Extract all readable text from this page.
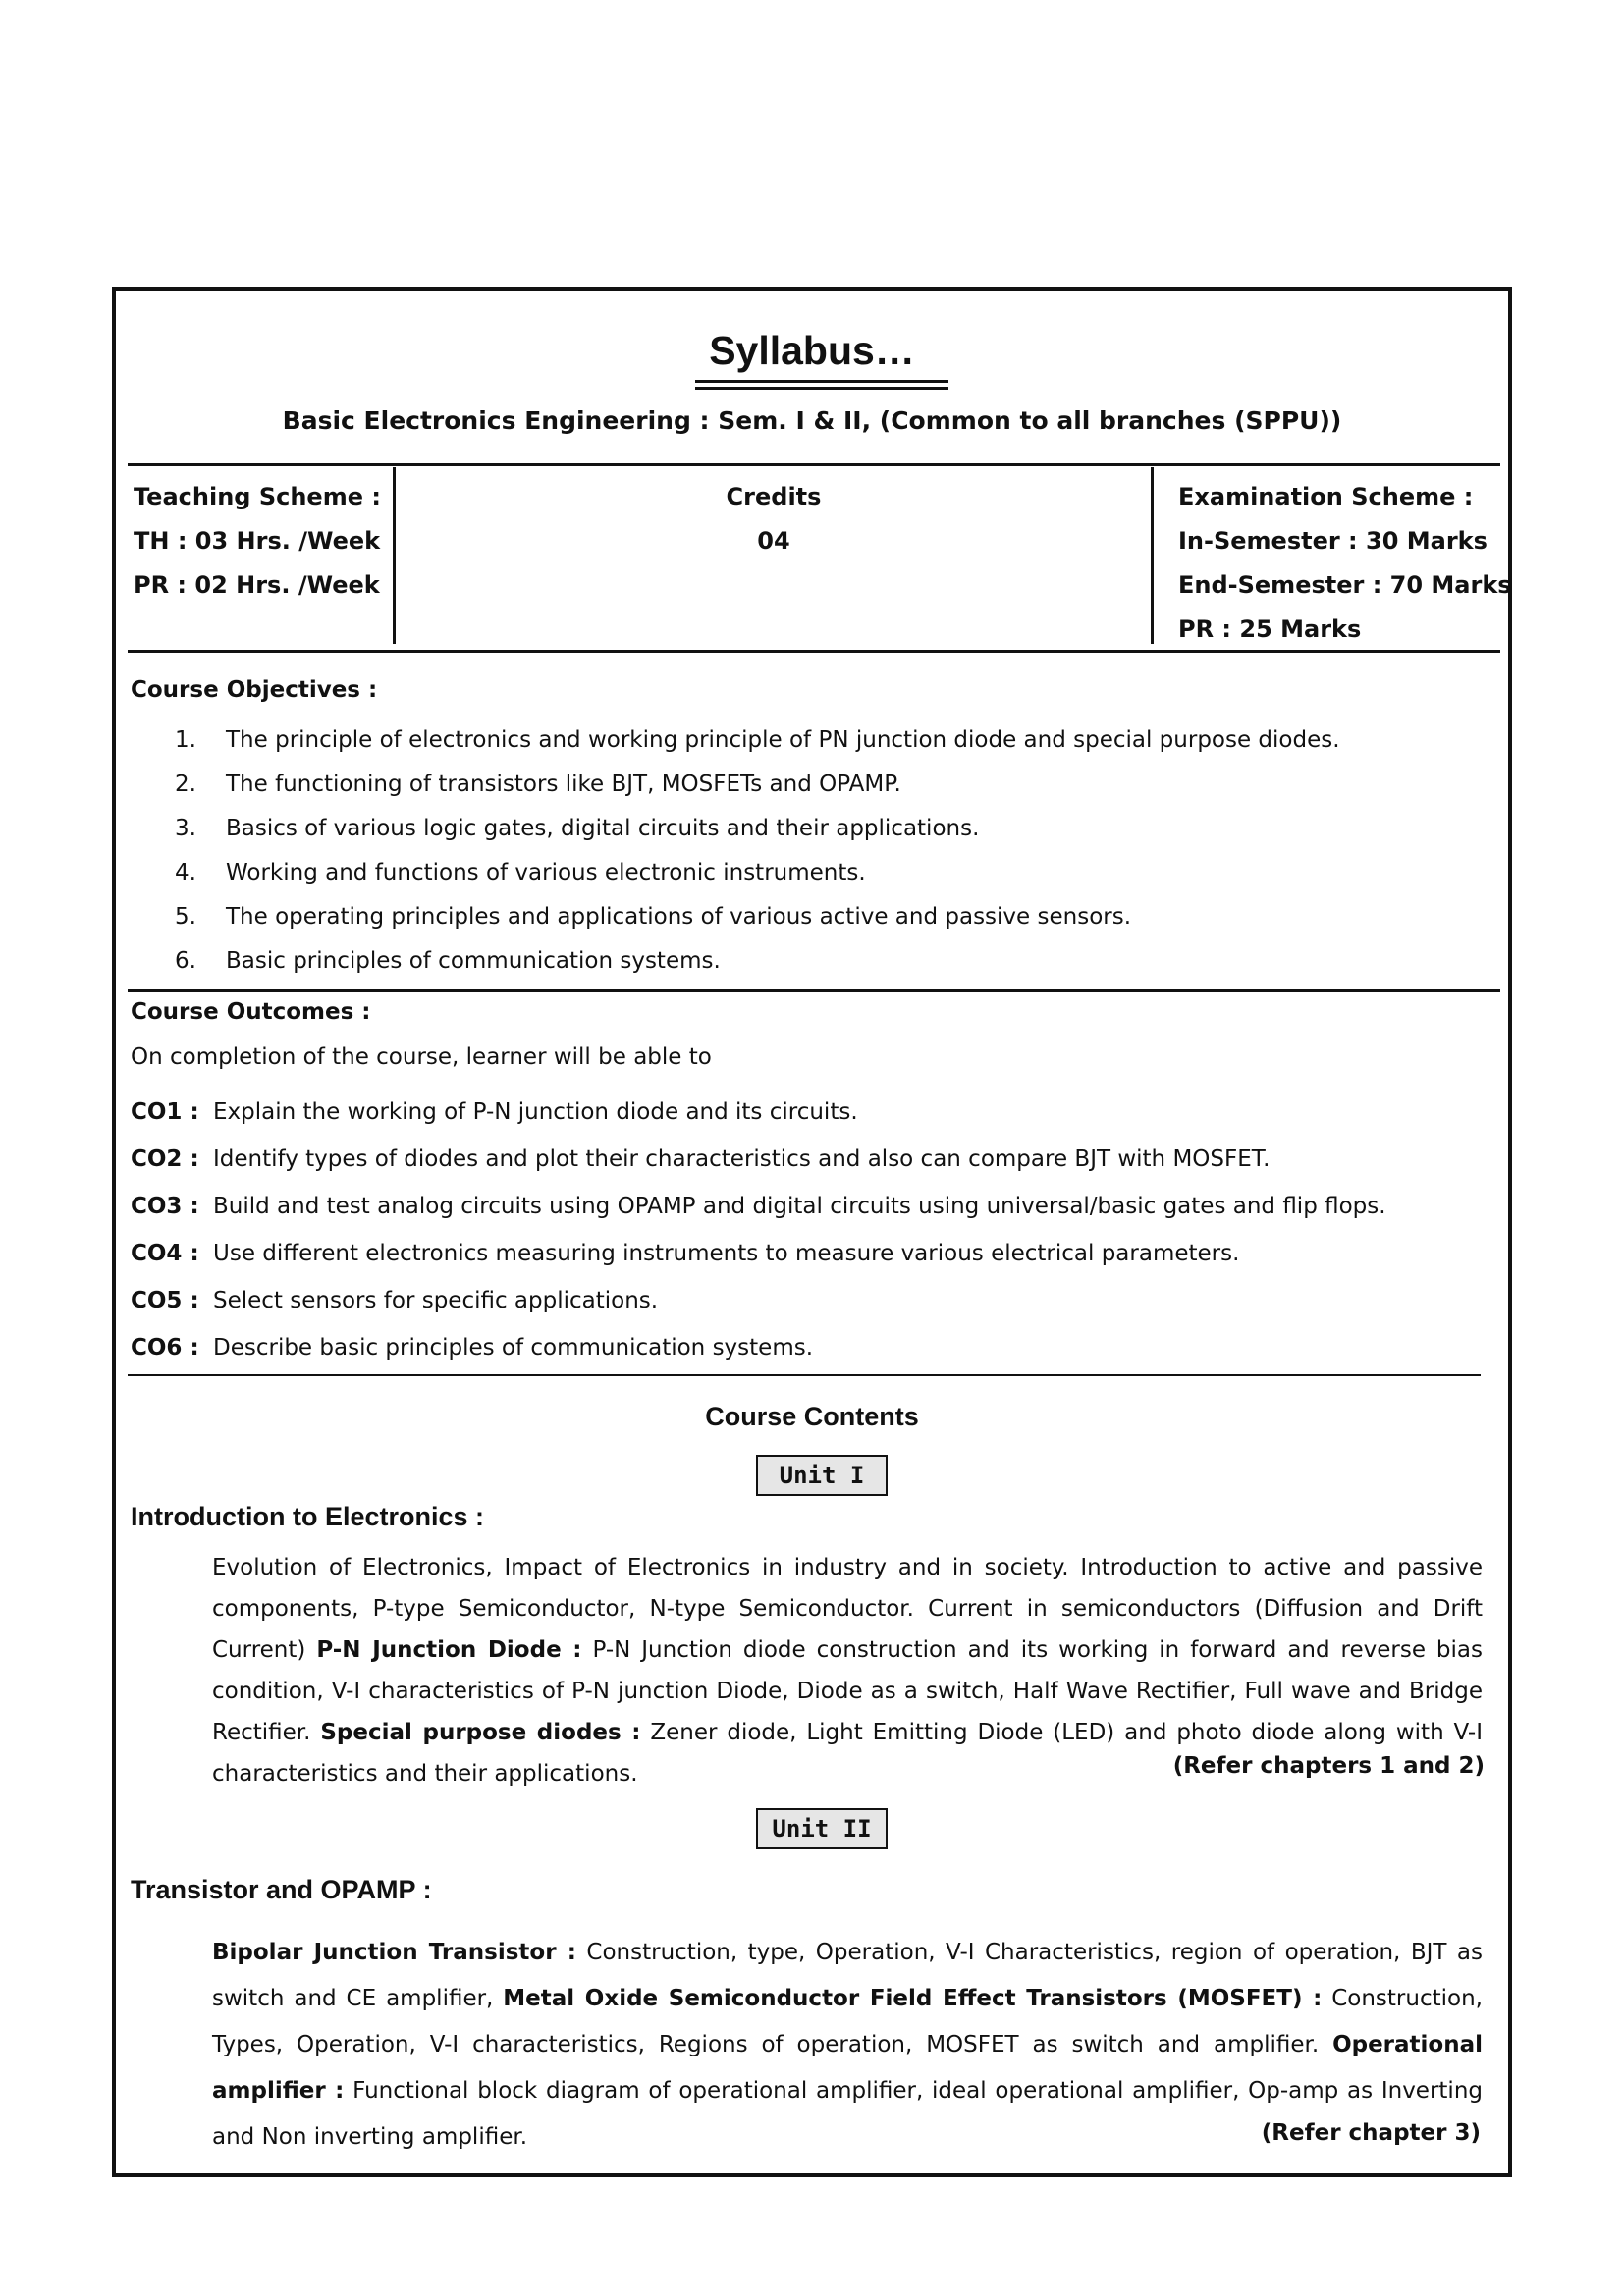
Syllabus…
Basic Electronics Engineering : Sem. I & II, (Common to all branches (SPPU))
Teaching Scheme :
TH : 03 Hrs. /Week
PR : 02 Hrs. /Week
Credits
04
Examination Scheme :
In-Semester : 30 Marks
End-Semester : 70 Marks
PR : 25 Marks
Course Objectives :
1. The principle of electronics and working principle of PN junction diode and special purpose diodes.
2. The functioning of transistors like BJT, MOSFETs and OPAMP.
3. Basics of various logic gates, digital circuits and their applications.
4. Working and functions of various electronic instruments.
5. The operating principles and applications of various active and passive sensors.
6. Basic principles of communication systems.
Course Outcomes :
On completion of the course, learner will be able to
CO1 : Explain the working of P-N junction diode and its circuits.
CO2 : Identify types of diodes and plot their characteristics and also can compare BJT with MOSFET.
CO3 : Build and test analog circuits using OPAMP and digital circuits using universal/basic gates and flip flops.
CO4 : Use different electronics measuring instruments to measure various electrical parameters.
CO5 : Select sensors for specific applications.
CO6 : Describe basic principles of communication systems.
Course Contents
Unit I
Introduction to Electronics :
Evolution of Electronics, Impact of Electronics in industry and in society. Introduction to active and passive components, P-type Semiconductor, N-type Semiconductor. Current in semiconductors (Diffusion and Drift Current) P-N Junction Diode : P-N Junction diode construction and its working in forward and reverse bias condition, V-I characteristics of P-N junction Diode, Diode as a switch, Half Wave Rectifier, Full wave and Bridge Rectifier. Special purpose diodes : Zener diode, Light Emitting Diode (LED) and photo diode along with V-I characteristics and their applications.	(Refer chapters 1 and 2)
Unit II
Transistor and OPAMP :
Bipolar Junction Transistor : Construction, type, Operation, V-I Characteristics, region of operation, BJT as switch and CE amplifier, Metal Oxide Semiconductor Field Effect Transistors (MOSFET) : Construction, Types, Operation, V-I characteristics, Regions of operation, MOSFET as switch and amplifier. Operational amplifier : Functional block diagram of operational amplifier, ideal operational amplifier, Op-amp as Inverting and Non inverting amplifier.	(Refer chapter 3)
